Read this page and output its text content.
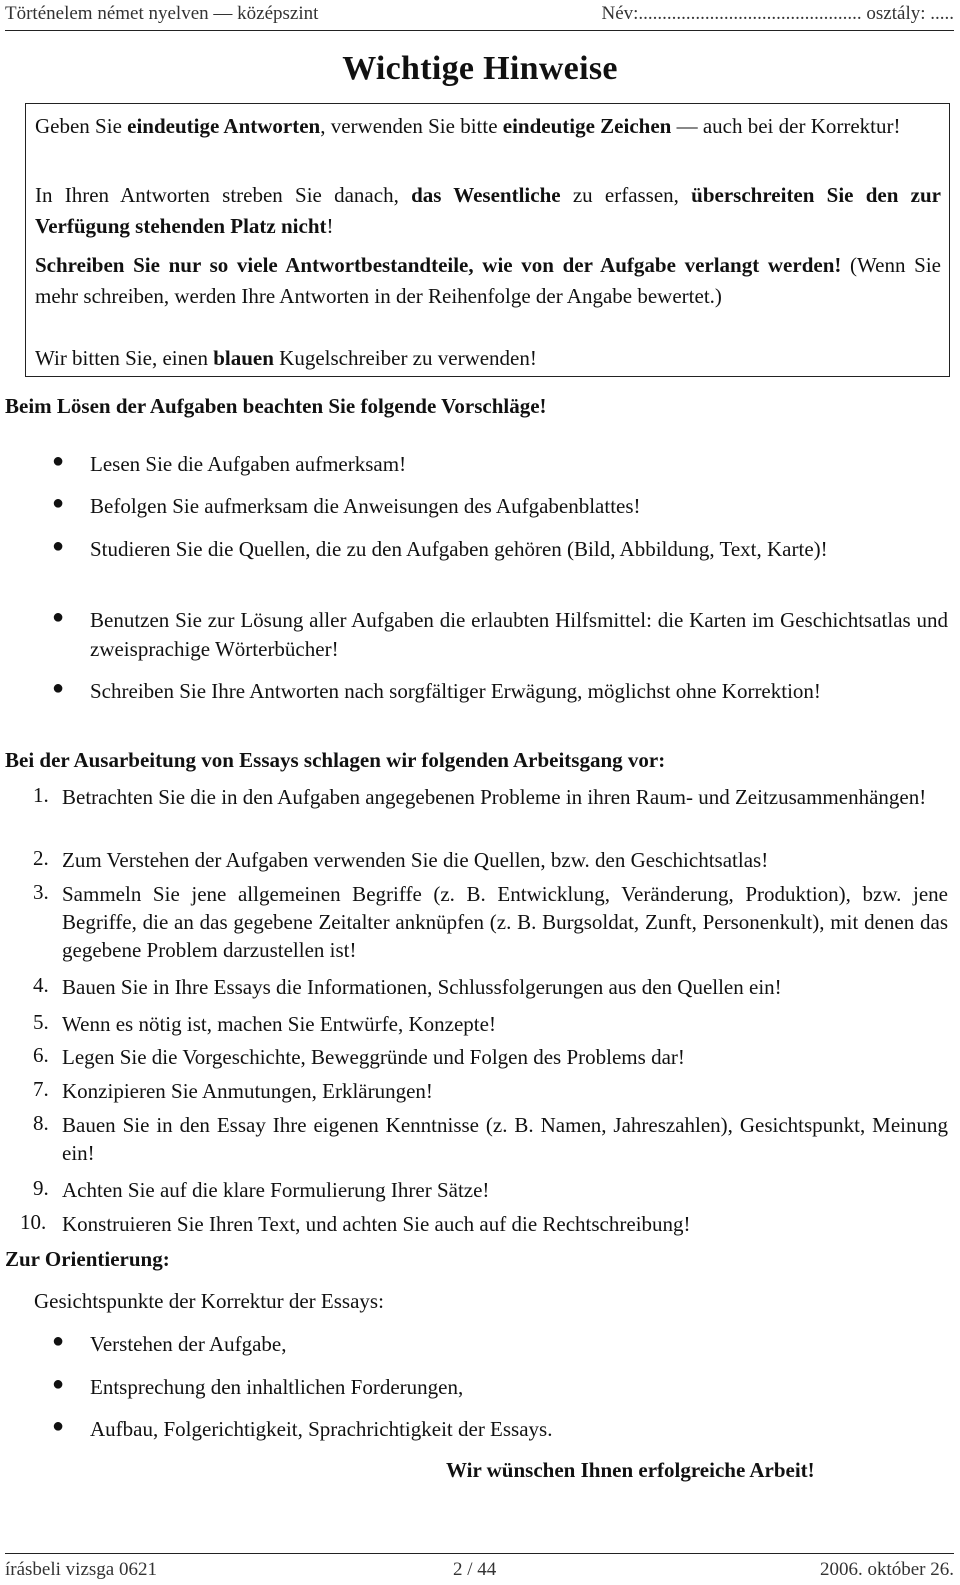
Történelem német nyelven — középszint	Név:............................................... osztály: .....
Wichtige Hinweise

Geben Sie eindeutige Antworten, verwenden Sie bitte eindeutige Zeichen — auch bei der Korrektur!

In Ihren Antworten streben Sie danach, das Wesentliche zu erfassen, überschreiten Sie den zur Verfügung stehenden Platz nicht!

Schreiben Sie nur so viele Antwortbestandteile, wie von der Aufgabe verlangt werden! (Wenn Sie mehr schreiben, werden Ihre Antworten in der Reihenfolge der Angabe bewertet.)

Wir bitten Sie, einen blauen Kugelschreiber zu verwenden!

Beim Lösen der Aufgaben beachten Sie folgende Vorschläge!
● Lesen Sie die Aufgaben aufmerksam!
● Befolgen Sie aufmerksam die Anweisungen des Aufgabenblattes!
● Studieren Sie die Quellen, die zu den Aufgaben gehören (Bild, Abbildung, Text, Karte)!
● Benutzen Sie zur Lösung aller Aufgaben die erlaubten Hilfsmittel: die Karten im Geschichtsatlas und zweisprachige Wörterbücher!
● Schreiben Sie Ihre Antworten nach sorgfältiger Erwägung, möglichst ohne Korrektion!
Bei der Ausarbeitung von Essays schlagen wir folgenden Arbeitsgang vor:
1. Betrachten Sie die in den Aufgaben angegebenen Probleme in ihren Raum- und Zeitzusammenhängen!
2. Zum Verstehen der Aufgaben verwenden Sie die Quellen, bzw. den Geschichtsatlas!
3. Sammeln Sie jene allgemeinen Begriffe (z. B. Entwicklung, Veränderung, Produktion), bzw. jene Begriffe, die an das gegebene Zeitalter anknüpfen (z. B. Burgsoldat, Zunft, Personenkult), mit denen das gegebene Problem darzustellen ist!
4. Bauen Sie in Ihre Essays die Informationen, Schlussfolgerungen aus den Quellen ein!
5. Wenn es nötig ist, machen Sie Entwürfe, Konzepte!
6. Legen Sie die Vorgeschichte, Beweggründe und Folgen des Problems dar!
7. Konzipieren Sie Anmutungen, Erklärungen!
8. Bauen Sie in den Essay Ihre eigenen Kenntnisse (z. B. Namen, Jahreszahlen), Gesichtspunkt, Meinung ein!
9. Achten Sie auf die klare Formulierung Ihrer Sätze!
10. Konstruieren Sie Ihren Text, und achten Sie auch auf die Rechtschreibung!
Zur Orientierung:
Gesichtspunkte der Korrektur der Essays:
● Verstehen der Aufgabe,
● Entsprechung den inhaltlichen Forderungen,
● Aufbau, Folgerichtigkeit, Sprachrichtigkeit der Essays.
Wir wünschen Ihnen erfolgreiche Arbeit!
írásbeli vizsga 0621	2 / 44	2006. október 26.
